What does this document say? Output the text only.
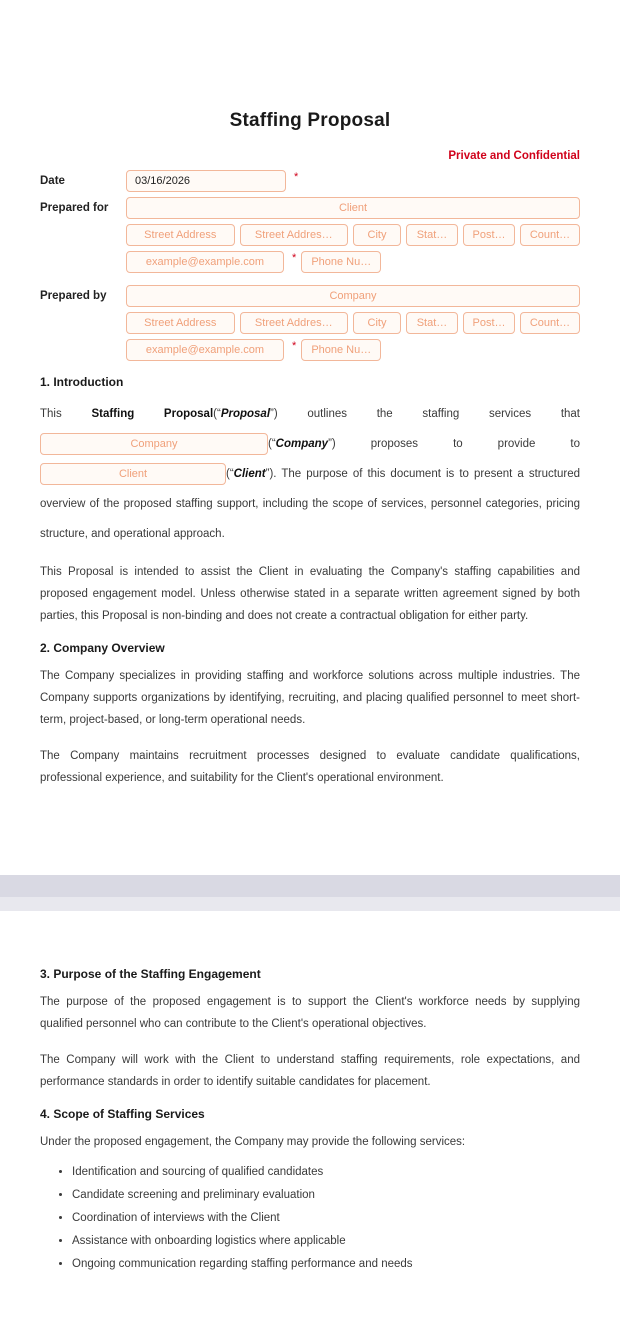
Staffing Proposal
Private and Confidential
Date	03/16/2026	*
Prepared for	Client
Street Address	Street Addres…	City	Stat…	Post…	Count…
example@example.com	*	Phone Nu…
Prepared by	Company
Street Address	Street Addres…	City	Stat…	Post…	Count…
example@example.com	*	Phone Nu…
1. Introduction
This	Staffing Proposal(“Proposal”) outlines the staffing services that Company	(“Company”) proposes to provide to Client	(“Client”). The purpose of this document is to present a structured overview of the proposed staffing support, including the scope of services, personnel categories, pricing structure, and operational approach.

This Proposal is intended to assist the Client in evaluating the Company's staffing capabilities and proposed engagement model. Unless otherwise stated in a separate written agreement signed by both parties, this Proposal is non-binding and does not create a contractual obligation for either party.

2. Company Overview

The Company specializes in providing staffing and workforce solutions across multiple industries. The Company supports organizations by identifying, recruiting, and placing qualified personnel to meet short-term, project-based, or long-term operational needs.

The Company maintains recruitment processes designed to evaluate candidate qualifications, professional experience, and suitability for the Client's operational environment.

3. Purpose of the Staffing Engagement

The purpose of the proposed engagement is to support the Client's workforce needs by supplying qualified personnel who can contribute to the Client's operational objectives.

The Company will work with the Client to understand staffing requirements, role expectations, and performance standards in order to identify suitable candidates for placement.

4. Scope of Staffing Services

Under the proposed engagement, the Company may provide the following services:

• Identification and sourcing of qualified candidates
• Candidate screening and preliminary evaluation
• Coordination of interviews with the Client
• Assistance with onboarding logistics where applicable
• Ongoing communication regarding staffing performance and needs
